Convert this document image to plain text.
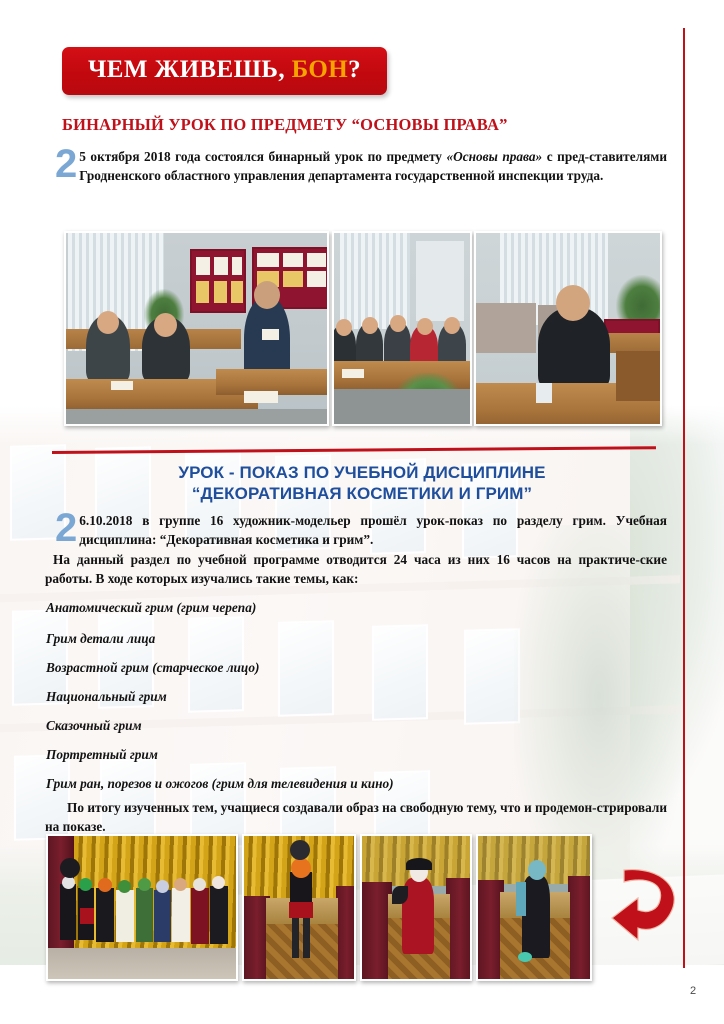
ЧЕМ ЖИВЕШЬ, БОН?
БИНАРНЫЙ УРОК ПО ПРЕДМЕТУ “ОСНОВЫ ПРАВА”
2 5 октября 2018 года состоялся бинарный урок по предмету «Основы права» с пред-ставителями Гродненского областного управления департамента государственной инспекции труда.
УРОК - ПОКАЗ ПО УЧЕБНОЙ ДИСЦИПЛИНЕ
“ДЕКОРАТИВНАЯ КОСМЕТИКИ И ГРИМ”
2 6.10.2018 в группе 16 художник-модельер прошёл урок-показ по разделу грим. Учебная дисциплина: “Декоративная косметика и грим”.
На данный раздел по учебной программе отводится 24 часа из них 16 часов на практиче-ские работы. В ходе которых изучались такие темы, как:
Анатомический грим (грим черепа)
Грим детали лица
Возрастной грим (старческое лицо)
Национальный грим
Сказочный грим
Портретный грим
Грим ран, порезов и ожогов (грим для телевидения и кино)
По итогу изученных тем, учащиеся создавали образ на свободную тему, что и продемон-стрировали на показе.
2
